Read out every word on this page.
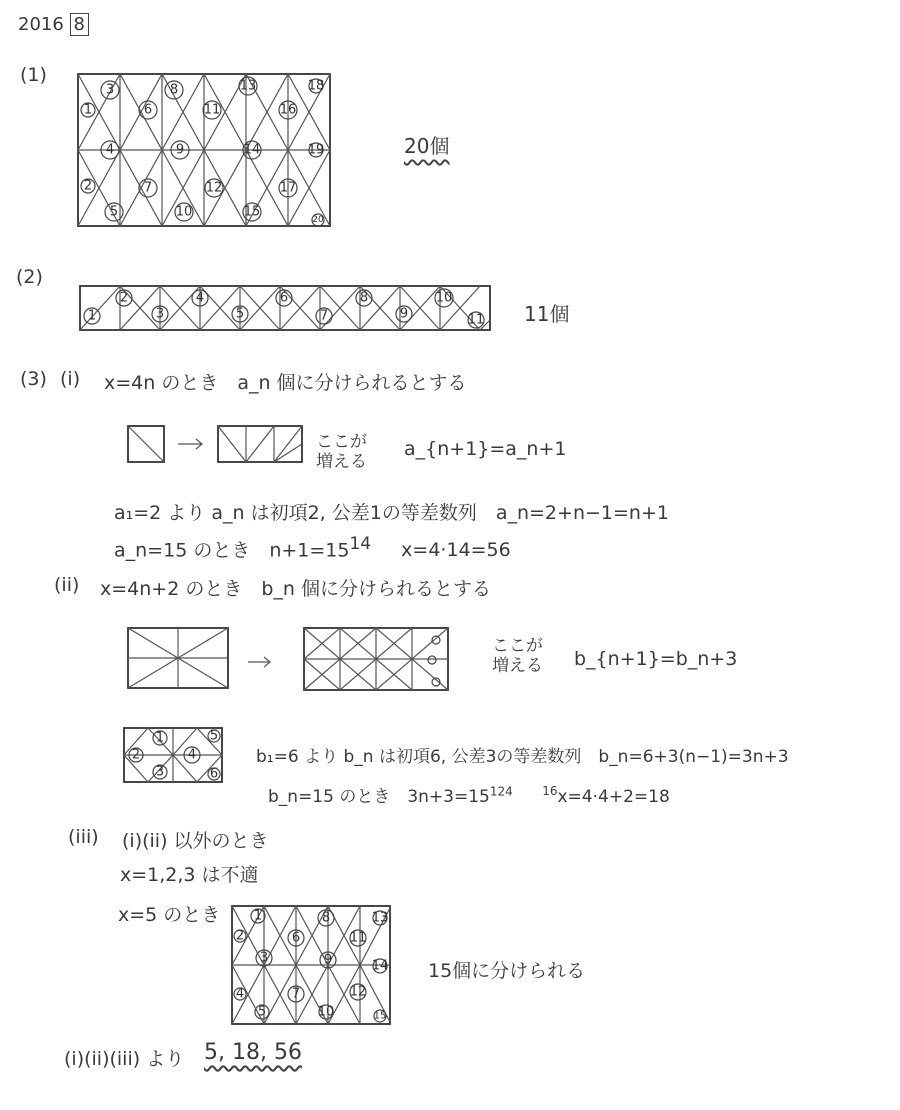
2016 8
(1)
1
2
3
4
5
6
7
8
9
10
11
12
13
14
15
16
17
18
19
20
20個
(2)
1
2
3
4
5
6
7
8
9
10
11 11個
(3) (i) x=4n のとき　a_n 個に分けられるとする
ここが 増える
a_{n+1}=a_n+1
a₁=2 より a_n は初項2, 公差1の等差数列　a_n=2+n−1=n+1
a_n=15 のとき　$n+1=15^{14}$ x=4·14=56
(ii) x=4n+2 のとき　b_n 個に分けられるとする
ここが 増える b_{n+1}=b_n+3
2
1
3
4
5
6
b₁=6 より b_n は初項6, 公差3の等差数列　b_n=6+3(n−1)=3n+3
b_n=15 のとき　$3n+3=15^{124}$ $^{16}$x=4·4+2=18
(iii) (i)(ii) 以外のとき
x=1,2,3 は不適
x=5 のとき	1
2
3
4
5
6
7
8
9
10
11
12
13
14
15
15個に分けられる
(i)(ii)(iii) より 5, 18, 56
